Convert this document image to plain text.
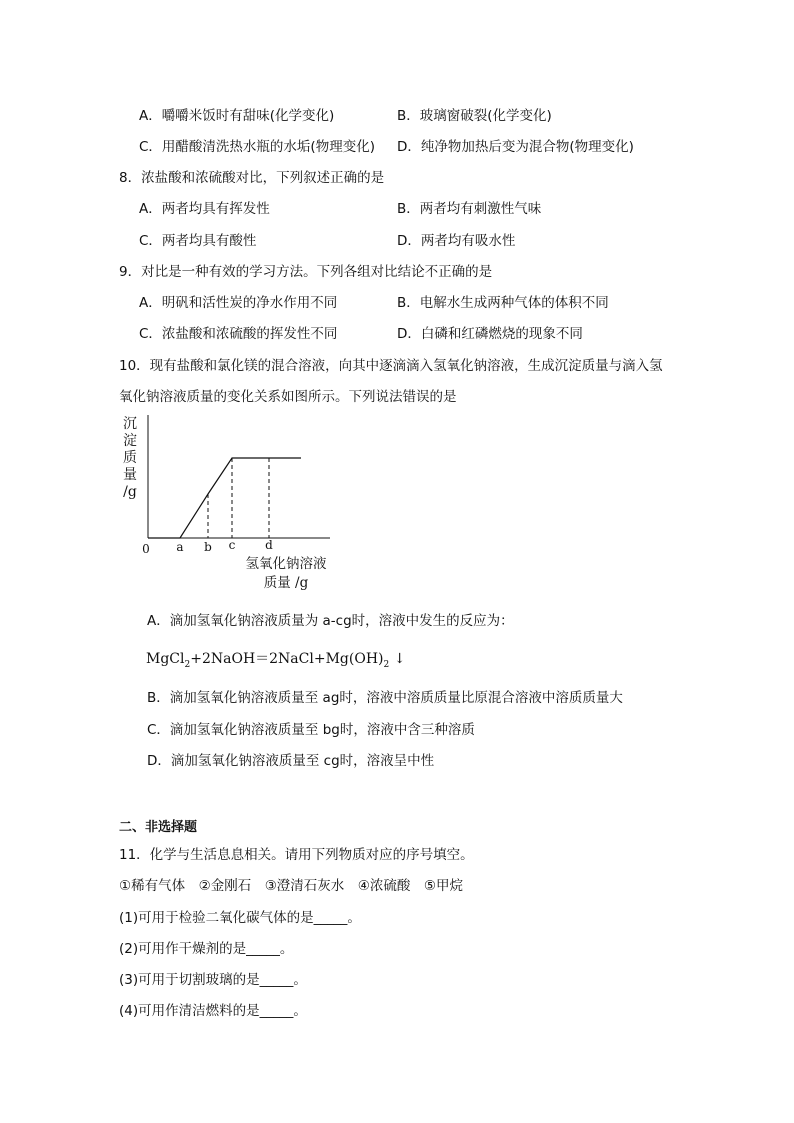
A．嚼嚼米饭时有甜味(化学变化)	B．玻璃窗破裂(化学变化)
C．用醋酸清洗热水瓶的水垢(物理变化) D．纯净物加热后变为混合物(物理变化)
8．浓盐酸和浓硫酸对比，下列叙述正确的是
A．两者均具有挥发性	B．两者均有刺激性气味
C．两者均具有酸性	D．两者均有吸水性
9．对比是一种有效的学习方法。下列各组对比结论不正确的是
A．明矾和活性炭的净水作用不同	B．电解水生成两种气体的体积不同
C．浓盐酸和浓硫酸的挥发性不同	D．白磷和红磷燃烧的现象不同
10．现有盐酸和氯化镁的混合溶液，向其中逐滴滴入氢氧化钠溶液，生成沉淀质量与滴入氢
氧化钠溶液质量的变化关系如图所示。下列说法错误的是
沉
淀
质
量
/g
0 a b c d
氢氧化钠溶液
质量 /g
A．滴加氢氧化钠溶液质量为 a-cg时，溶液中发生的反应为：
$MgCl_2+2NaOH=2NaCl+Mg(OH)_2$ ↓
B．滴加氢氧化钠溶液质量至 ag时，溶液中溶质质量比原混合溶液中溶质质量大
C．滴加氢氧化钠溶液质量至 bg时，溶液中含三种溶质
D．滴加氢氧化钠溶液质量至 cg时，溶液呈中性
二、非选择题
11．化学与生活息息相关。请用下列物质对应的序号填空。
①稀有气体　②金刚石　③澄清石灰水　④浓硫酸　⑤甲烷
(1)可用于检验二氧化碳气体的是_____。
(2)可用作干燥剂的是_____。
(3)可用于切割玻璃的是_____。
(4)可用作清洁燃料的是_____。
